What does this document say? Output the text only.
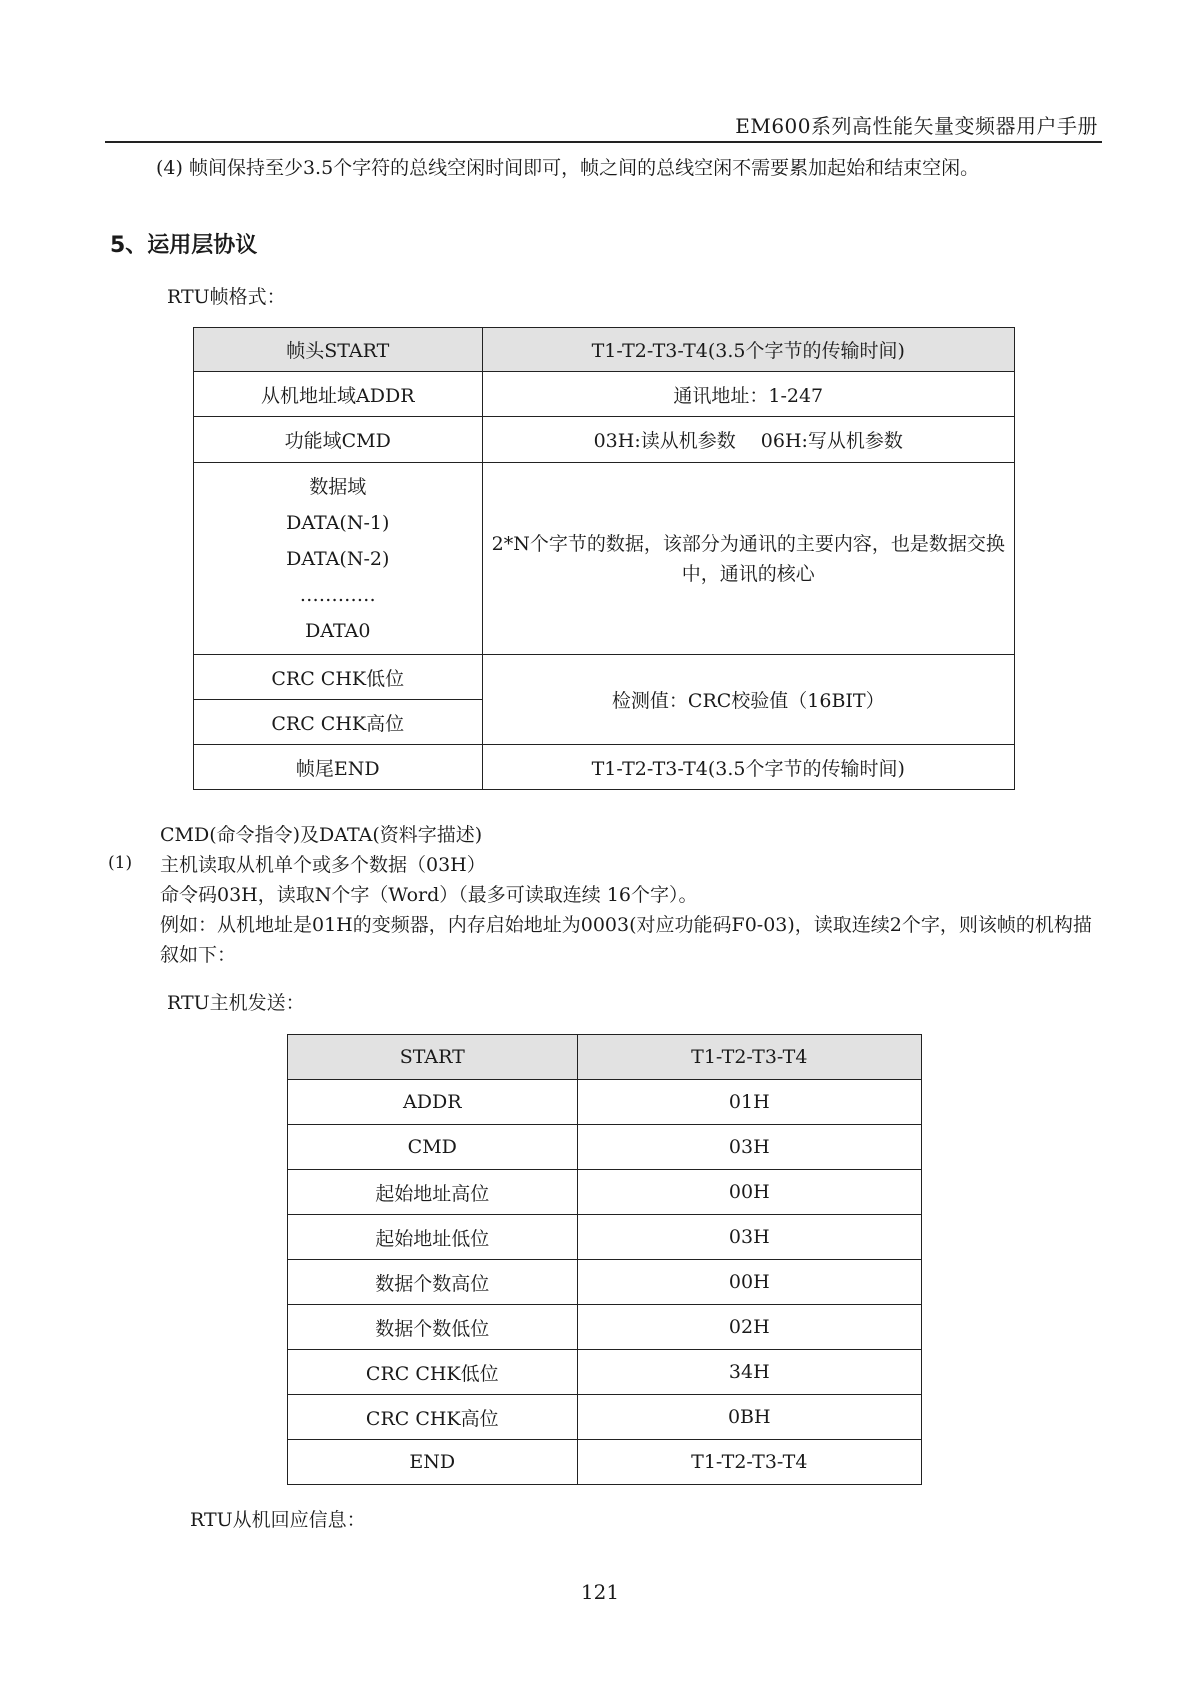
EM600系列高性能矢量变频器用户手册
(4) 帧间保持至少3.5个字符的总线空闲时间即可，帧之间的总线空闲不需要累加起始和结束空闲。
5、运用层协议
RTU帧格式：
帧头START	T1-T2-T3-T4(3.5个字节的传输时间)
从机地址域ADDR	通讯地址：1-247
功能域CMD	03H:读从机参数　 06H:写从机参数

数据域
DATA(N-1)
DATA(N-2)
…………
DATA0	2*N个字节的数据，该部分为通讯的主要内容，也是数据交换中，通讯的核心
CRC CHK低位	检测值：CRC校验值（16BIT）
CRC CHK高位	
帧尾END	T1-T2-T3-T4(3.5个字节的传输时间)
CMD(命令指令)及DATA(资料字描述)
(1) 主机读取从机单个或多个数据（03H）
命令码03H，读取N个字（Word）（最多可读取连续 16个字）。
例如：从机地址是01H的变频器，内存启始地址为0003(对应功能码F0-03)，读取连续2个字，则该帧的机构描叙如下：
RTU主机发送：
START	T1-T2-T3-T4
ADDR	01H
CMD	03H
起始地址高位	00H
起始地址低位	03H
数据个数高位	00H
数据个数低位	02H
CRC CHK低位	34H
CRC CHK高位	0BH
END	T1-T2-T3-T4
RTU从机回应信息：
121
